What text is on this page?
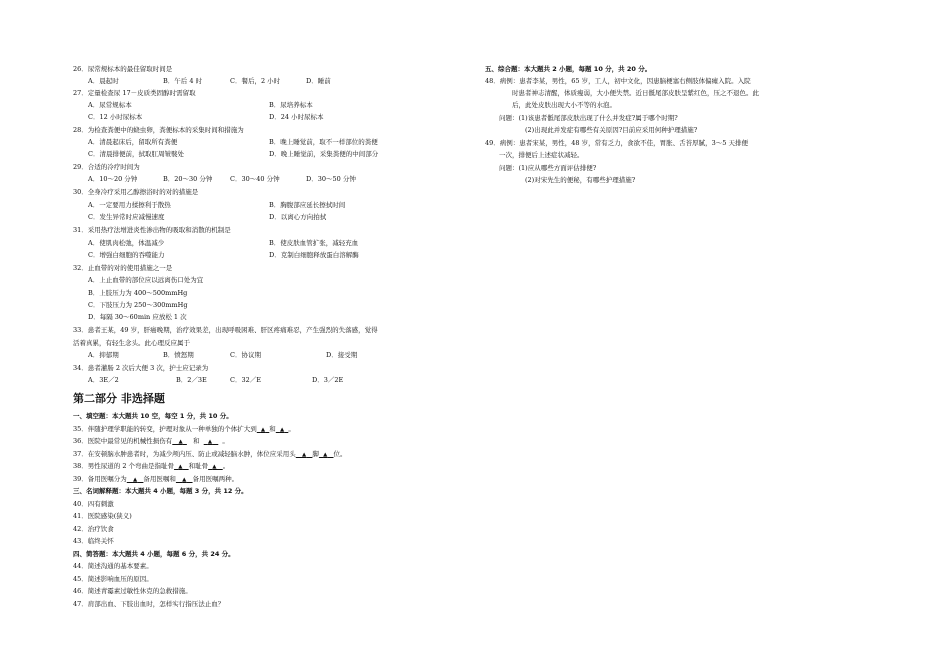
26．尿常规标本的最佳留取时间是
A．晨起时	B．午后 4 时	C．餐后，2 小时	D．睡前
27．定量检查尿 17－皮质类固醇时需留取
A．尿常规标本	B．尿培养标本
C．12 小时尿标本	D．24 小时尿标本
28．为检查粪便中的蛲虫卵，粪便标本的采集时间和措施为
A．清晨起床后，留取所有粪便	B．晚上睡觉前，取不一样部位的粪便
C．清晨排便前，拭取肛周皱襞处	D．晚上睡觉前，采集粪便的中间部分
29．合适的冷疗时间为
A．10～20 分钟	B．20～30 分钟	C．30～40 分钟	D．30～50 分钟
30．全身冷疗采用乙醇擦浴时的对的措施是
A．一定要用力揉擦利于散热	B．胸腹部应延长擦拭时间
C．发生异常时应减慢速度	D．以离心方向拍拭
31．采用热疗法增进炎性渗出物的吸取和消散的机制是
A．使肌肉松弛，体温减少	B．使皮肤血管扩张，减轻充血
C．增强白细胞的吞噬能力	D．克制白细胞释放蛋白溶解酶
32．止血带的对的使用措施之一是
A．上止血带的部位应以远离伤口处为宜
B．上肢压力为 400～500mmHg
C．下肢压力为 250～300mmHg
D．每隔 30～60min 应放松 1 次
33．患者王某，49 岁，肝癌晚期，治疗效果差，出现呼吸困难、肝区疼痛难忍，产生强烈的失落感，觉得
活着真累，有轻生念头。此心理反应属于
A．抑郁期	B．愤怒期	C．协议期	D．接受期
34．患者灌肠 2 次后大便 3 次，护士应记录为
A．3E／2	B．2／3E	C．32／E	D．3／2E
第二部分 非选择题
一、填空题：本大题共 10 空，每空 1 分，共 10 分。
35．伴随护理学职能的转变，护理对象从一种单独的个体扩大到 ▲ 和 ▲ 。
36．医院中最常见的机械性损伤有 ▲ 和 ▲ 。
37．在安顿脑水肿患者时，为减少颅内压、防止或减轻脑水肿，体位应采用头 ▲ 脚 ▲ 位。
38．男性尿道的 2 个弯曲是指耻骨 ▲ 和耻骨 ▲ 。
39．备用医嘱分为 ▲ 备用医嘱和 ▲ 备用医嘱两种。
三、名词解释题：本大题共 4 小题，每题 3 分，共 12 分。
40．四有刺激
41．医院感染(狭义)
42．治疗饮食
43．临终关怀
四、简答题：本大题共 4 小题，每题 6 分，共 24 分。
44．简述沟通的基本要素。
45．简述影响血压的原因。
46．简述青霉素过敏性休克的急救措施。
47．肩部出血、下肢出血时，怎样实行指压法止血？
五、综合题：本大题共 2 小题，每题 10 分，共 20 分。
48．病例：患者李某，男性，65 岁，工人，初中文化，因患脑梗塞右侧肢体偏瘫入院。入院
时患者神志清醒，体质瘦弱，大小便失禁。近日骶尾部皮肤呈紫红色，压之不退色。此
后，此处皮肤出现大小不等的水泡。
问题：(1)该患者骶尾部皮肤出现了什么并发症?属于哪个时期?
(2)出现此并发症有哪些有关原因?目前应采用何种护理措施?
49．病例：患者宋某，男性，48 岁，常有乏力，食欲不佳，胃胀、舌苔厚腻，3～5 天排便
一次，排便后上述症状减轻。
问题：(1)应从哪些方面评估排便?
(2)对宋先生的便秘，有哪些护理措施?
